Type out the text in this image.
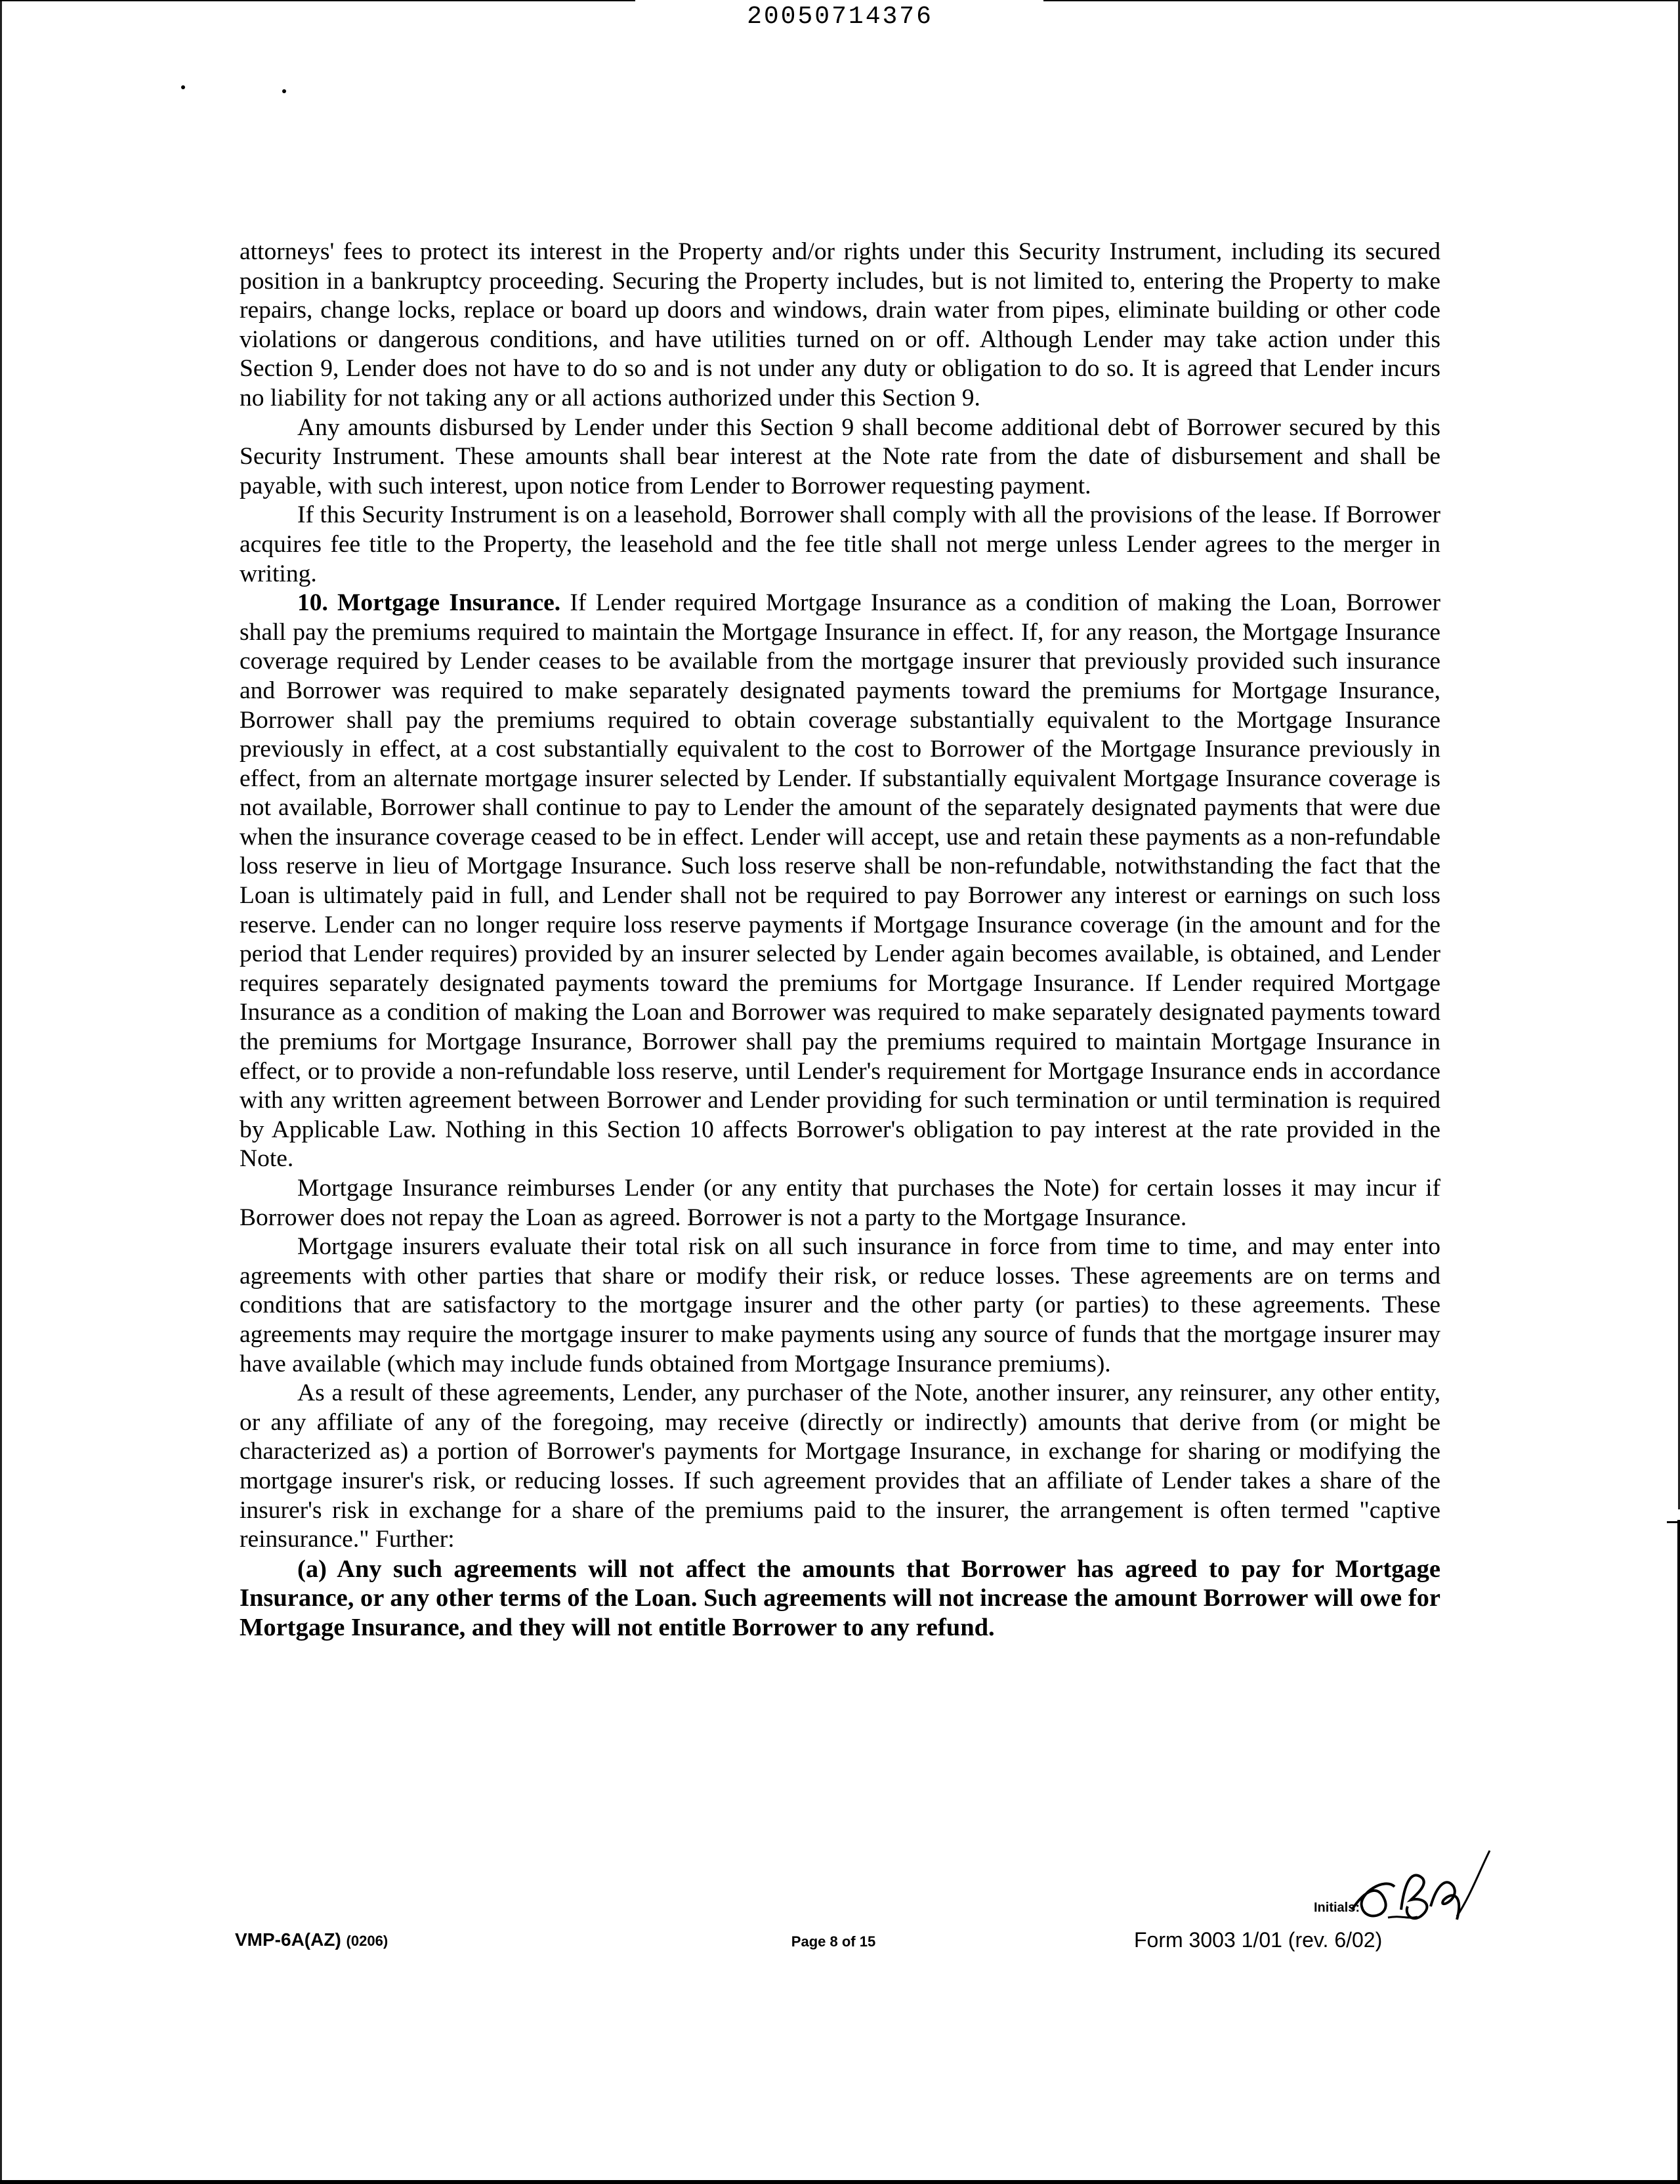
20050714376

attorneys' fees to protect its interest in the Property and/or rights under this Security Instrument, including its secured position in a bankruptcy proceeding. Securing the Property includes, but is not limited to, entering the Property to make repairs, change locks, replace or board up doors and windows, drain water from pipes, eliminate building or other code violations or dangerous conditions, and have utilities turned on or off. Although Lender may take action under this Section 9, Lender does not have to do so and is not under any duty or obligation to do so. It is agreed that Lender incurs no liability for not taking any or all actions authorized under this Section 9.

Any amounts disbursed by Lender under this Section 9 shall become additional debt of Borrower secured by this Security Instrument. These amounts shall bear interest at the Note rate from the date of disbursement and shall be payable, with such interest, upon notice from Lender to Borrower requesting payment.

If this Security Instrument is on a leasehold, Borrower shall comply with all the provisions of the lease. If Borrower acquires fee title to the Property, the leasehold and the fee title shall not merge unless Lender agrees to the merger in writing.

10. Mortgage Insurance. If Lender required Mortgage Insurance as a condition of making the Loan, Borrower shall pay the premiums required to maintain the Mortgage Insurance in effect. If, for any reason, the Mortgage Insurance coverage required by Lender ceases to be available from the mortgage insurer that previously provided such insurance and Borrower was required to make separately designated payments toward the premiums for Mortgage Insurance, Borrower shall pay the premiums required to obtain coverage substantially equivalent to the Mortgage Insurance previously in effect, at a cost substantially equivalent to the cost to Borrower of the Mortgage Insurance previously in effect, from an alternate mortgage insurer selected by Lender. If substantially equivalent Mortgage Insurance coverage is not available, Borrower shall continue to pay to Lender the amount of the separately designated payments that were due when the insurance coverage ceased to be in effect. Lender will accept, use and retain these payments as a non-refundable loss reserve in lieu of Mortgage Insurance. Such loss reserve shall be non-refundable, notwithstanding the fact that the Loan is ultimately paid in full, and Lender shall not be required to pay Borrower any interest or earnings on such loss reserve. Lender can no longer require loss reserve payments if Mortgage Insurance coverage (in the amount and for the period that Lender requires) provided by an insurer selected by Lender again becomes available, is obtained, and Lender requires separately designated payments toward the premiums for Mortgage Insurance. If Lender required Mortgage Insurance as a condition of making the Loan and Borrower was required to make separately designated payments toward the premiums for Mortgage Insurance, Borrower shall pay the premiums required to maintain Mortgage Insurance in effect, or to provide a non-refundable loss reserve, until Lender's requirement for Mortgage Insurance ends in accordance with any written agreement between Borrower and Lender providing for such termination or until termination is required by Applicable Law. Nothing in this Section 10 affects Borrower's obligation to pay interest at the rate provided in the Note.

Mortgage Insurance reimburses Lender (or any entity that purchases the Note) for certain losses it may incur if Borrower does not repay the Loan as agreed. Borrower is not a party to the Mortgage Insurance.

Mortgage insurers evaluate their total risk on all such insurance in force from time to time, and may enter into agreements with other parties that share or modify their risk, or reduce losses. These agreements are on terms and conditions that are satisfactory to the mortgage insurer and the other party (or parties) to these agreements. These agreements may require the mortgage insurer to make payments using any source of funds that the mortgage insurer may have available (which may include funds obtained from Mortgage Insurance premiums).

As a result of these agreements, Lender, any purchaser of the Note, another insurer, any reinsurer, any other entity, or any affiliate of any of the foregoing, may receive (directly or indirectly) amounts that derive from (or might be characterized as) a portion of Borrower's payments for Mortgage Insurance, in exchange for sharing or modifying the mortgage insurer's risk, or reducing losses. If such agreement provides that an affiliate of Lender takes a share of the insurer's risk in exchange for a share of the premiums paid to the insurer, the arrangement is often termed "captive reinsurance." Further:

(a) Any such agreements will not affect the amounts that Borrower has agreed to pay for Mortgage Insurance, or any other terms of the Loan. Such agreements will not increase the amount Borrower will owe for Mortgage Insurance, and they will not entitle Borrower to any refund.

Initials:
VMP-6A(AZ) (0206)	Page 8 of 15	Form 3003 1/01 (rev. 6/02)
